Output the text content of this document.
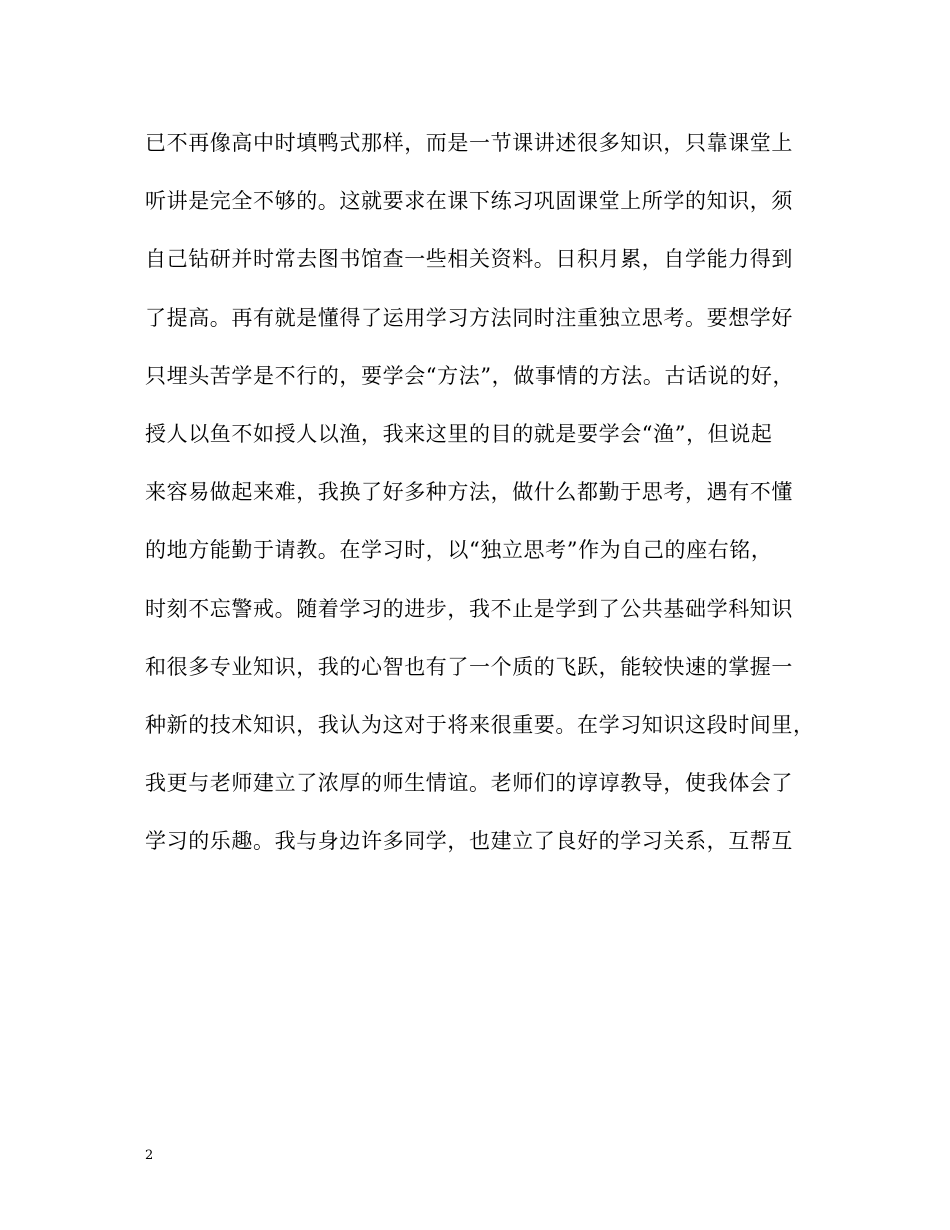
已不再像高中时填鸭式那样，而是一节课讲述很多知识，只靠课堂上
听讲是完全不够的。这就要求在课下练习巩固课堂上所学的知识，须
自己钻研并时常去图书馆查一些相关资料。日积月累，自学能力得到
了提高。再有就是懂得了运用学习方法同时注重独立思考。要想学好
只埋头苦学是不行的，要学会“方法”，做事情的方法。古话说的好，
授人以鱼不如授人以渔，我来这里的目的就是要学会“渔”，但说起
来容易做起来难，我换了好多种方法，做什么都勤于思考，遇有不懂
的地方能勤于请教。在学习时，以“独立思考”作为自己的座右铭，
时刻不忘警戒。随着学习的进步，我不止是学到了公共基础学科知识
和很多专业知识，我的心智也有了一个质的飞跃，能较快速的掌握一
种新的技术知识，我认为这对于将来很重要。在学习知识这段时间里，
我更与老师建立了浓厚的师生情谊。老师们的谆谆教导，使我体会了
学习的乐趣。我与身边许多同学，也建立了良好的学习关系，互帮互
2
